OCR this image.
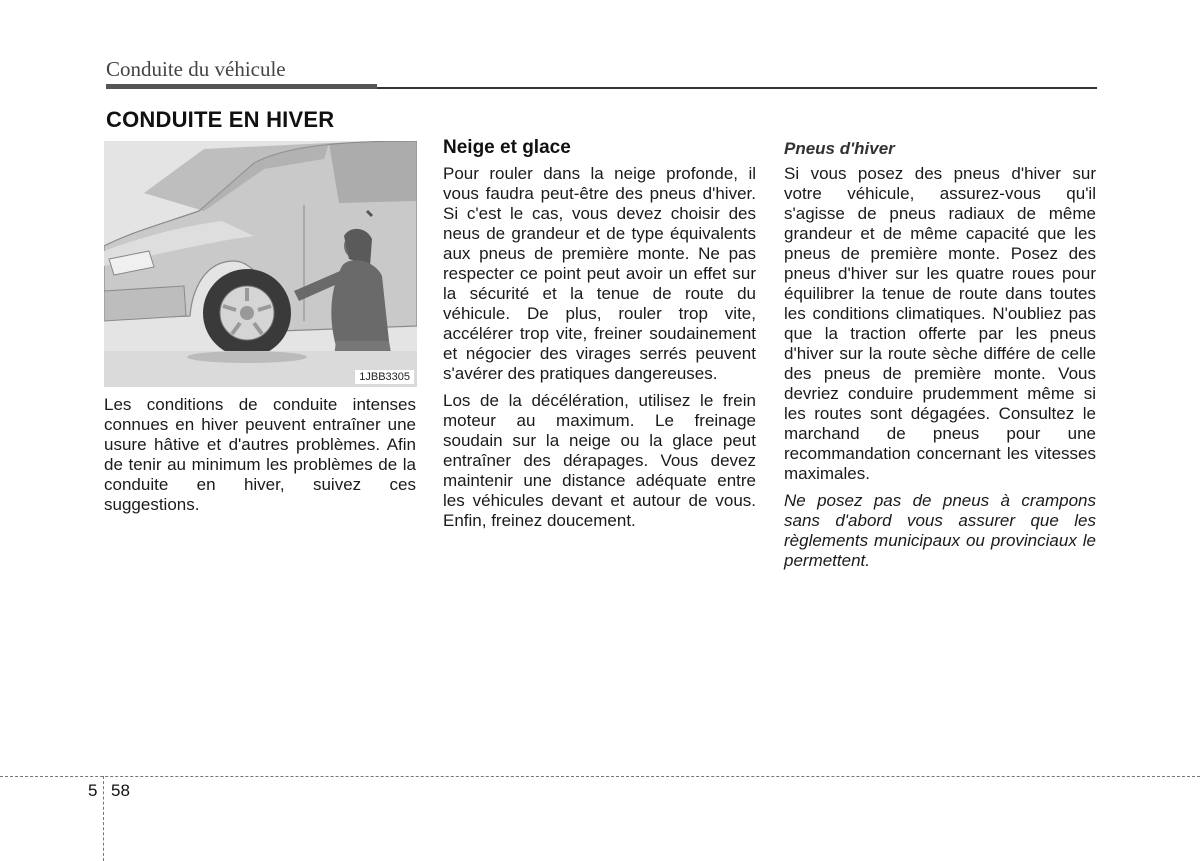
Conduite du véhicule
CONDUITE EN HIVER
1JBB3305

Les conditions de conduite intenses connues en hiver peuvent entraîner une usure hâtive et d'autres problèmes. Afin de tenir au minimum les problèmes de la conduite en hiver, suivez ces suggestions.

Neige et glace

Pour rouler dans la neige profonde, il vous faudra peut-être des pneus d'hiver. Si c'est le cas, vous devez choisir des neus de grandeur et de type équivalents aux pneus de première monte. Ne pas respecter ce point peut avoir un effet sur la sécurité et la tenue de route du véhicule. De plus, rouler trop vite, accélérer trop vite, freiner soudainement et négocier des virages serrés peuvent s'avérer des pratiques dangereuses.

Los de la décélération, utilisez le frein moteur au maximum. Le freinage soudain sur la neige ou la glace peut entraîner des dérapages. Vous devez maintenir une distance adéquate entre les véhicules devant et autour de vous. Enfin, freinez doucement.

Pneus d'hiver

Si vous posez des pneus d'hiver sur votre véhicule, assurez-vous qu'il s'agisse de pneus radiaux de même grandeur et de même capacité que les pneus de première monte. Posez des pneus d'hiver sur les quatre roues pour équilibrer la tenue de route dans toutes les conditions climatiques. N'oubliez pas que la traction offerte par les pneus d'hiver sur la route sèche différe de celle des pneus de première monte. Vous devriez conduire prudemment même si les routes sont dégagées. Consultez le marchand de pneus pour une recommandation concernant les vitesses maximales.

Ne posez pas de pneus à crampons sans d'abord vous assurer que les règlements municipaux ou provinciaux le permettent.

5 58
